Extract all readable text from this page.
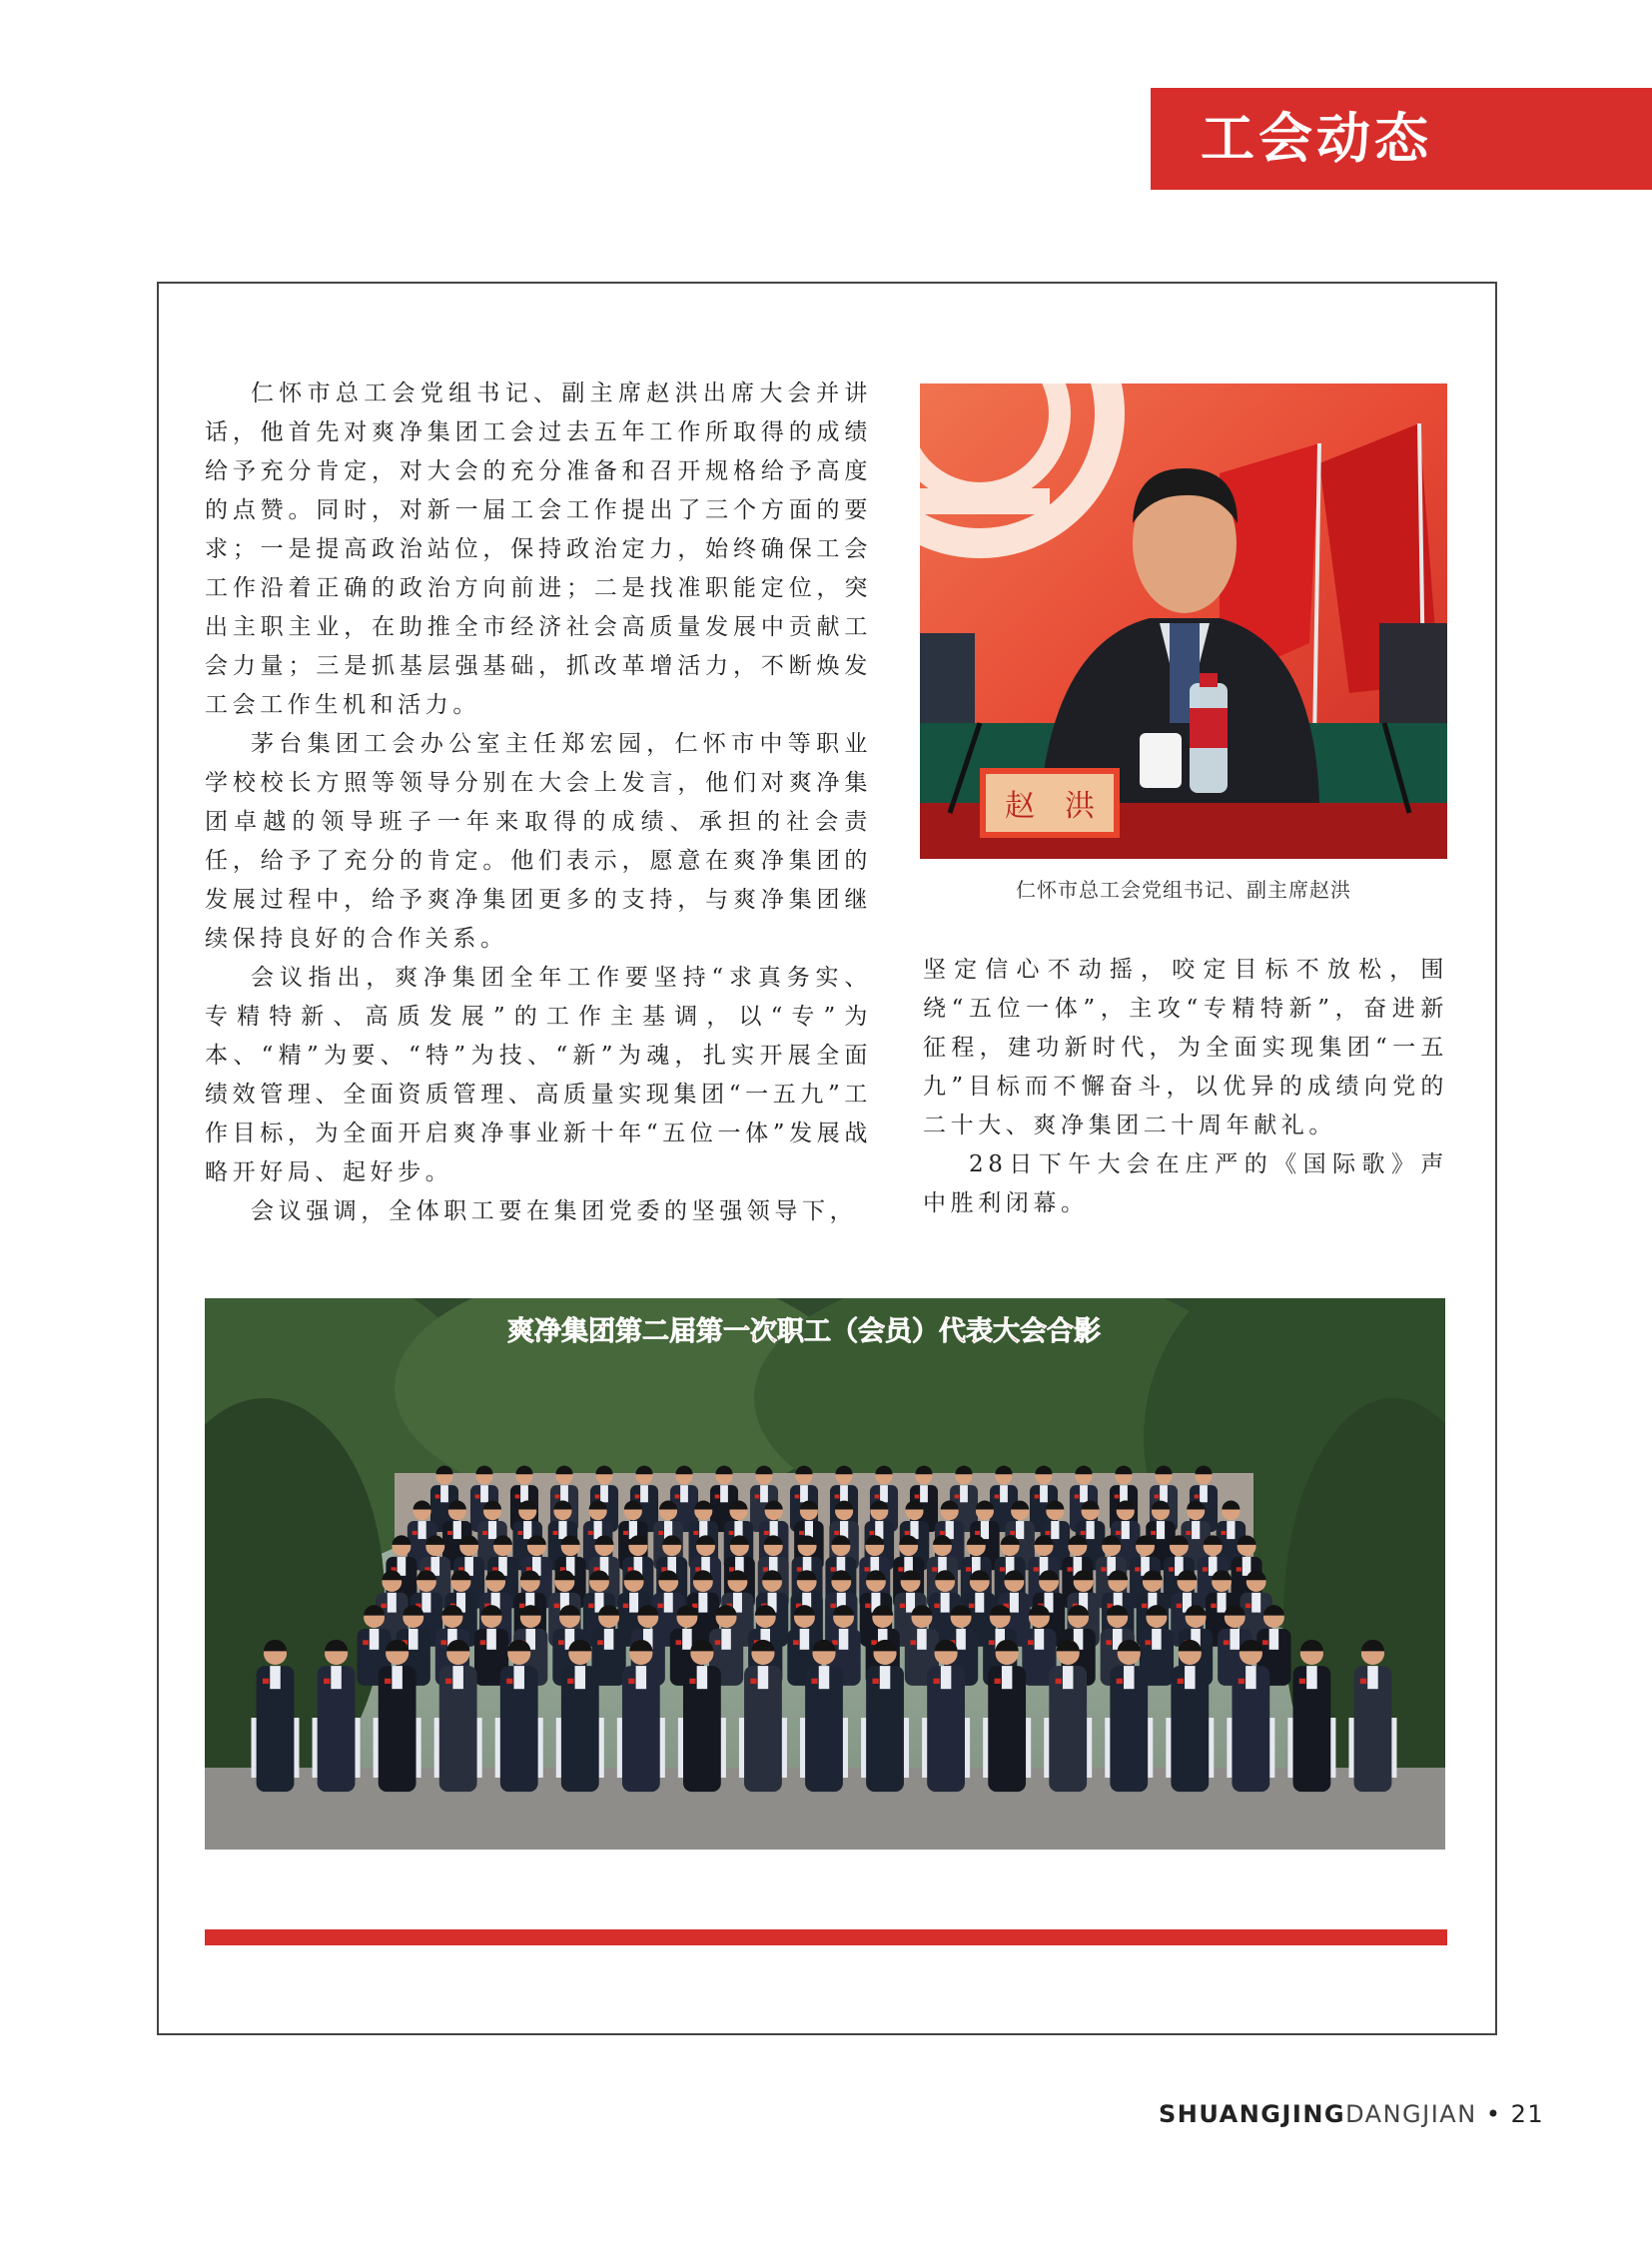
工会动态

仁怀市总工会党组书记、副主席赵洪出席大会并讲话，他首先对爽净集团工会过去五年工作所取得的成绩给予充分肯定，对大会的充分准备和召开规格给予高度的点赞。同时，对新一届工会工作提出了三个方面的要求；一是提高政治站位，保持政治定力，始终确保工会工作沿着正确的政治方向前进；二是找准职能定位，突出主职主业，在助推全市经济社会高质量发展中贡献工会力量；三是抓基层强基础，抓改革增活力，不断焕发工会工作生机和活力。

茅台集团工会办公室主任郑宏园，仁怀市中等职业学校校长方照等领导分别在大会上发言，他们对爽净集团卓越的领导班子一年来取得的成绩、承担的社会责任，给予了充分的肯定。他们表示，愿意在爽净集团的发展过程中，给予爽净集团更多的支持，与爽净集团继续保持良好的合作关系。

会议指出，爽净集团全年工作要坚持“求真务实、专精特新、高质发展”的工作主基调，以“专”为本、“精”为要、“特”为技、“新”为魂，扎实开展全面绩效管理、全面资质管理、高质量实现集团“一五九”工作目标，为全面开启爽净事业新十年“五位一体”发展战略开好局、起好步。

会议强调，全体职工要在集团党委的坚强领导下，

赵　洪
仁怀市总工会党组书记、副主席赵洪

坚定信心不动摇，咬定目标不放松，围绕“五位一体”，主攻“专精特新”，奋进新征程，建功新时代，为全面实现集团“一五九”目标而不懈奋斗，以优异的成绩向党的二十大、爽净集团二十周年献礼。

28日下午大会在庄严的《国际歌》声中胜利闭幕。

爽净集团第二届第一次职工（会员）代表大会合影
SHUANGJINGDANGJIAN • 21
